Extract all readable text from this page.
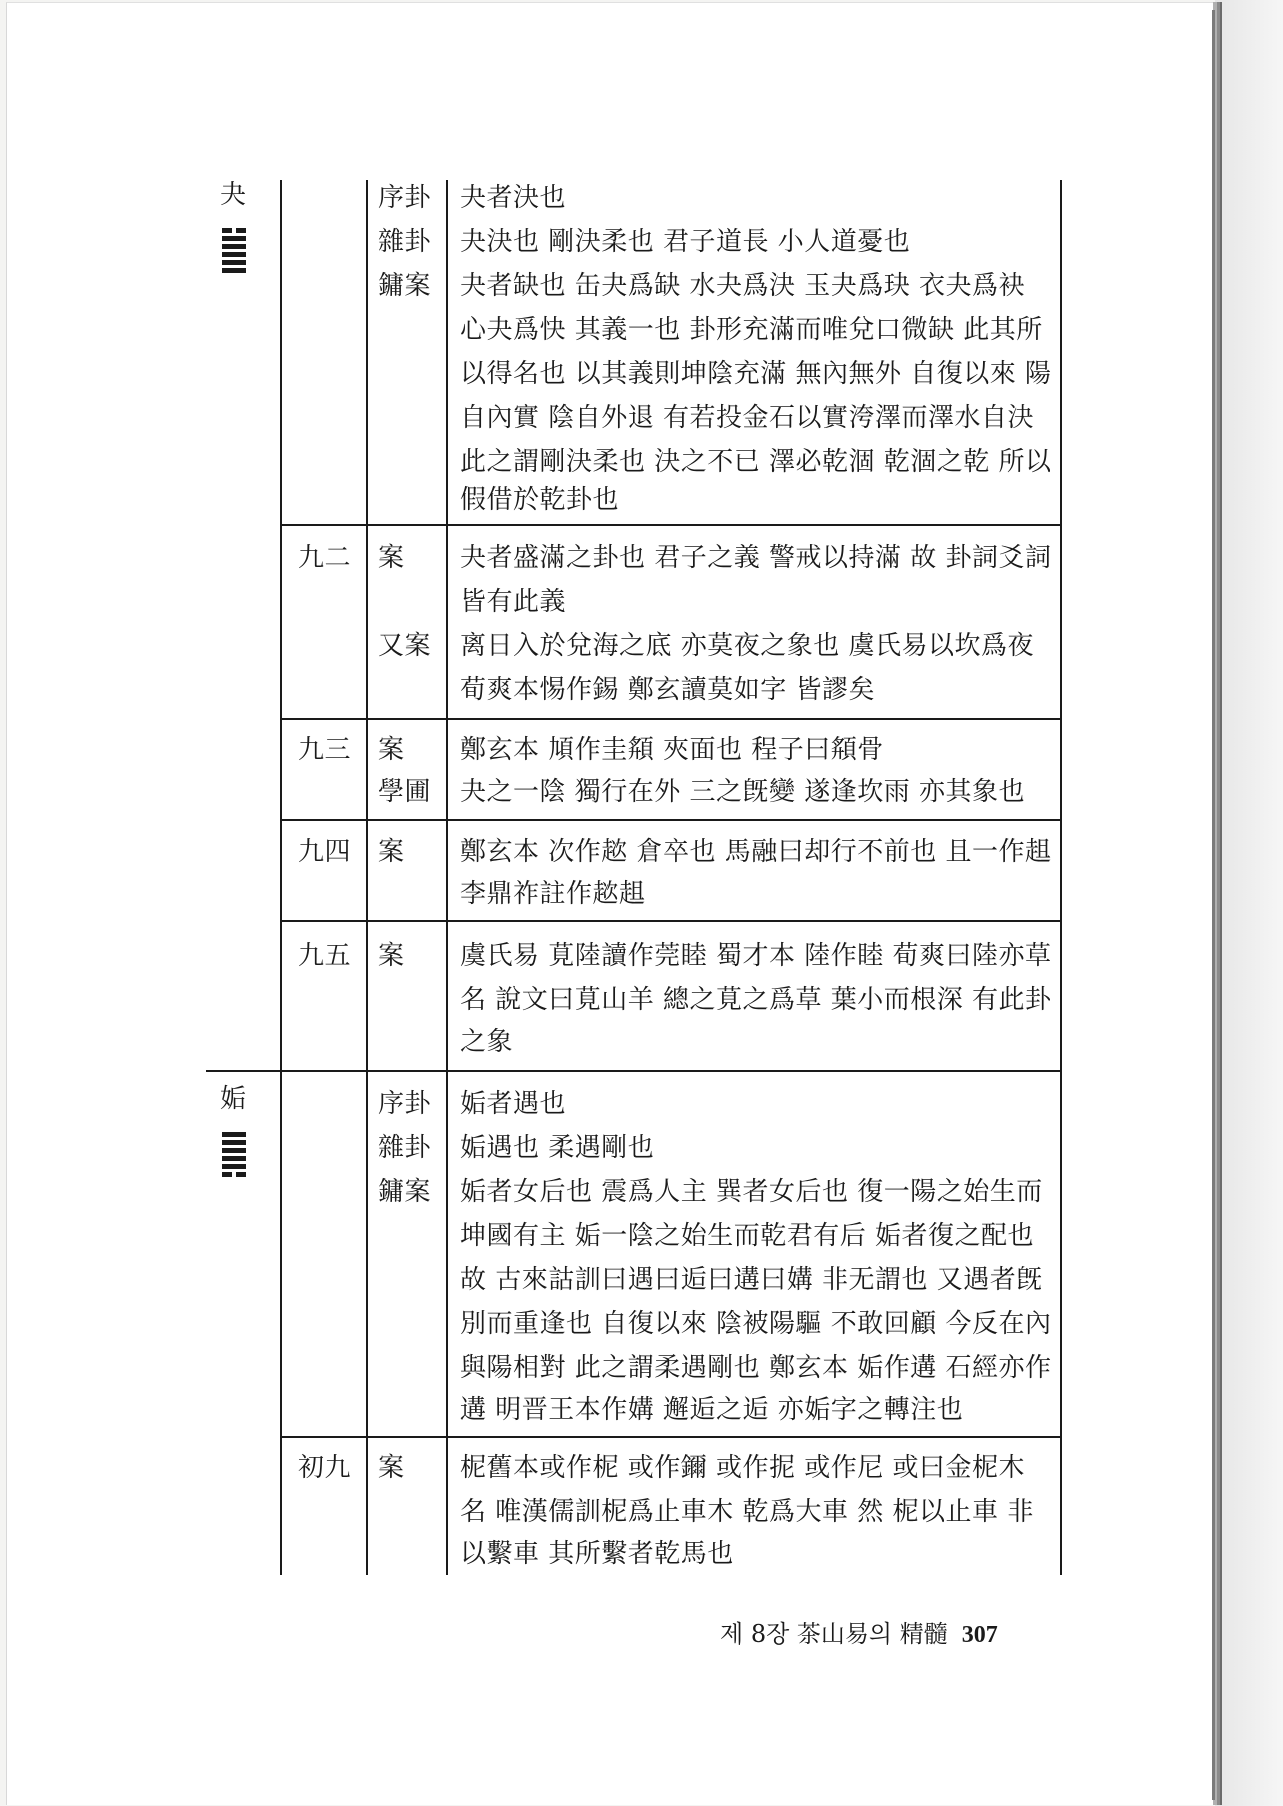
夬	序卦
雜卦
鏞案
夬者決也
夬決也 剛決柔也 君子道長 小人道憂也
夬者缺也 缶夬爲缺 水夬爲決 玉夬爲玦 衣夬爲袂
心夬爲快 其義一也 卦形充滿而唯兌口微缺 此其所
以得名也 以其義則坤陰充滿 無內無外 自復以來 陽
自內實 陰自外退 有若投金石以實洿澤而澤水自決
此之謂剛決柔也 決之不已 澤必乾涸 乾涸之乾 所以
假借於乾卦也
九二 案
又案
夬者盛滿之卦也 君子之義 警戒以持滿 故 卦詞爻詞
皆有此義
离日入於兌海之底 亦莫夜之象也 虞氏易以坎爲夜
荀爽本惕作錫 鄭玄讀莫如字 皆謬矣
九三 案
學圃
鄭玄本 頄作圭頯 夾面也 程子曰頯骨
夬之一陰 獨行在外 三之旣變 遂逢坎雨 亦其象也
九四 案 鄭玄本 次作趑 倉卒也 馬融曰却行不前也 且一作趄
李鼎祚註作趑趄
九五 案 虞氏易 莧陸讀作莞睦 蜀才本 陸作睦 荀爽曰陸亦草
名 說文曰莧山羊 總之莧之爲草 葉小而根深 有此卦
之象
姤	序卦
雜卦
鏞案
姤者遇也
姤遇也 柔遇剛也
姤者女后也 震爲人主 巽者女后也 復一陽之始生而
坤國有主 姤一陰之始生而乾君有后 姤者復之配也
故 古來詁訓曰遇曰逅曰遘曰媾 非无謂也 又遇者旣
別而重逢也 自復以來 陰被陽驅 不敢回顧 今反在內
與陽相對 此之謂柔遇剛也 鄭玄本 姤作遘 石經亦作
遘 明晋王本作媾 邂逅之逅 亦姤字之轉注也
初九 案 柅舊本或作柅 或作鑈 或作抳 或作尼 或曰金柅木
名 唯漢儒訓柅爲止車木 乾爲大車 然 柅以止車 非
以繫車 其所繫者乾馬也
제 8장 茶山易의 精髓 307
